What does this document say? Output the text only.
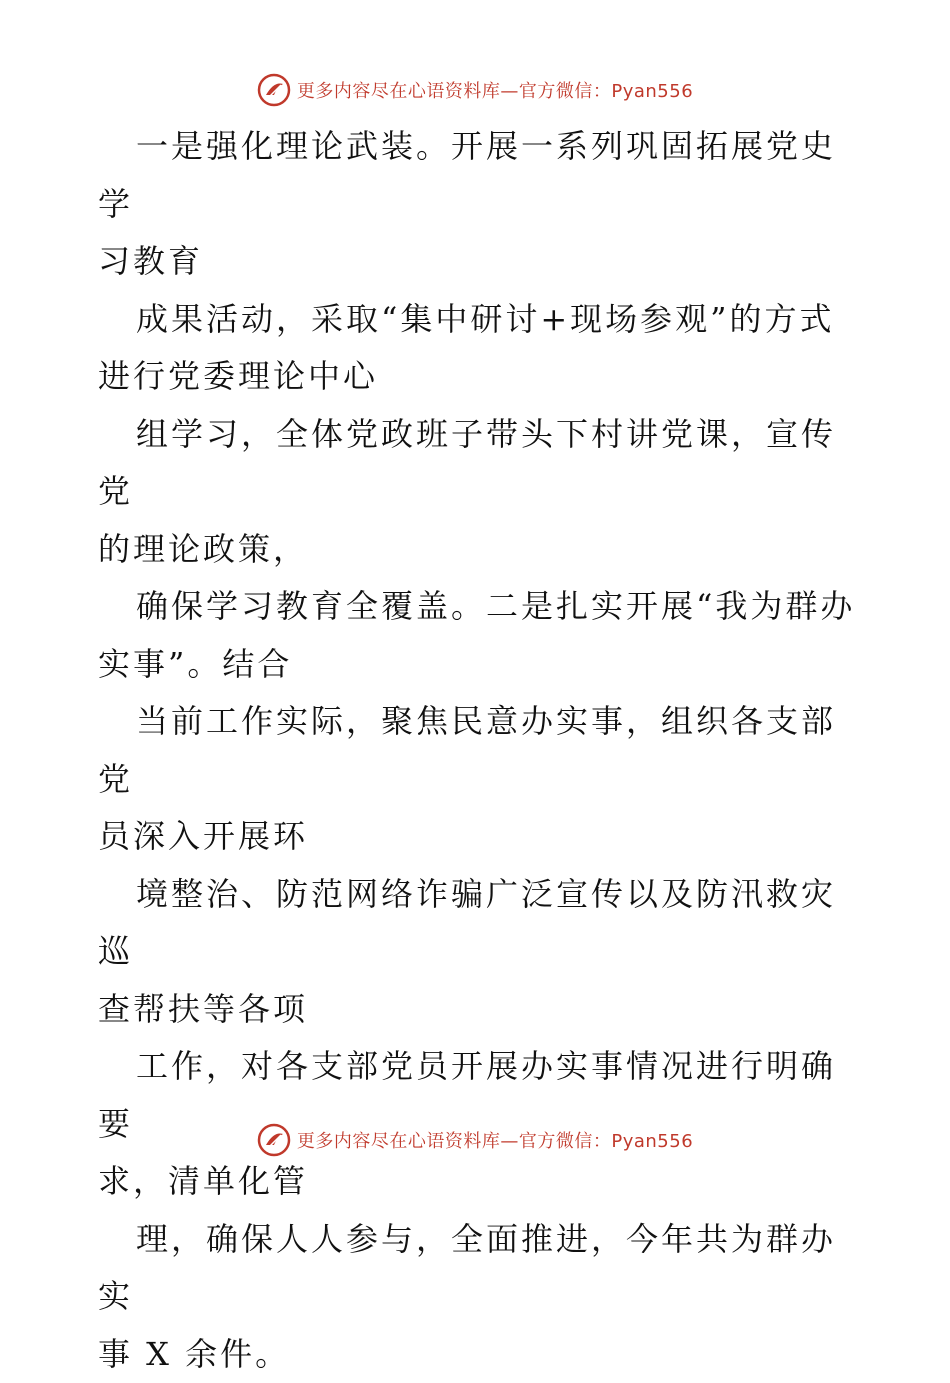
更多内容尽在心语资料库—官方微信：Pyan556

一是强化理论武装。开展一系列巩固拓展党史学
习教育

成果活动，采取“集中研讨+现场参观”的方式
进行党委理论中心

组学习，全体党政班子带头下村讲党课，宣传党
的理论政策，

确保学习教育全覆盖。二是扎实开展“我为群办
实事”。结合

当前工作实际，聚焦民意办实事，组织各支部党
员深入开展环

境整治、防范网络诈骗广泛宣传以及防汛救灾巡
查帮扶等各项

工作，对各支部党员开展办实事情况进行明确要
求，清单化管

理，确保人人参与，全面推进，今年共为群办实
事 X 余件。

更多内容尽在心语资料库—官方微信：Pyan556
